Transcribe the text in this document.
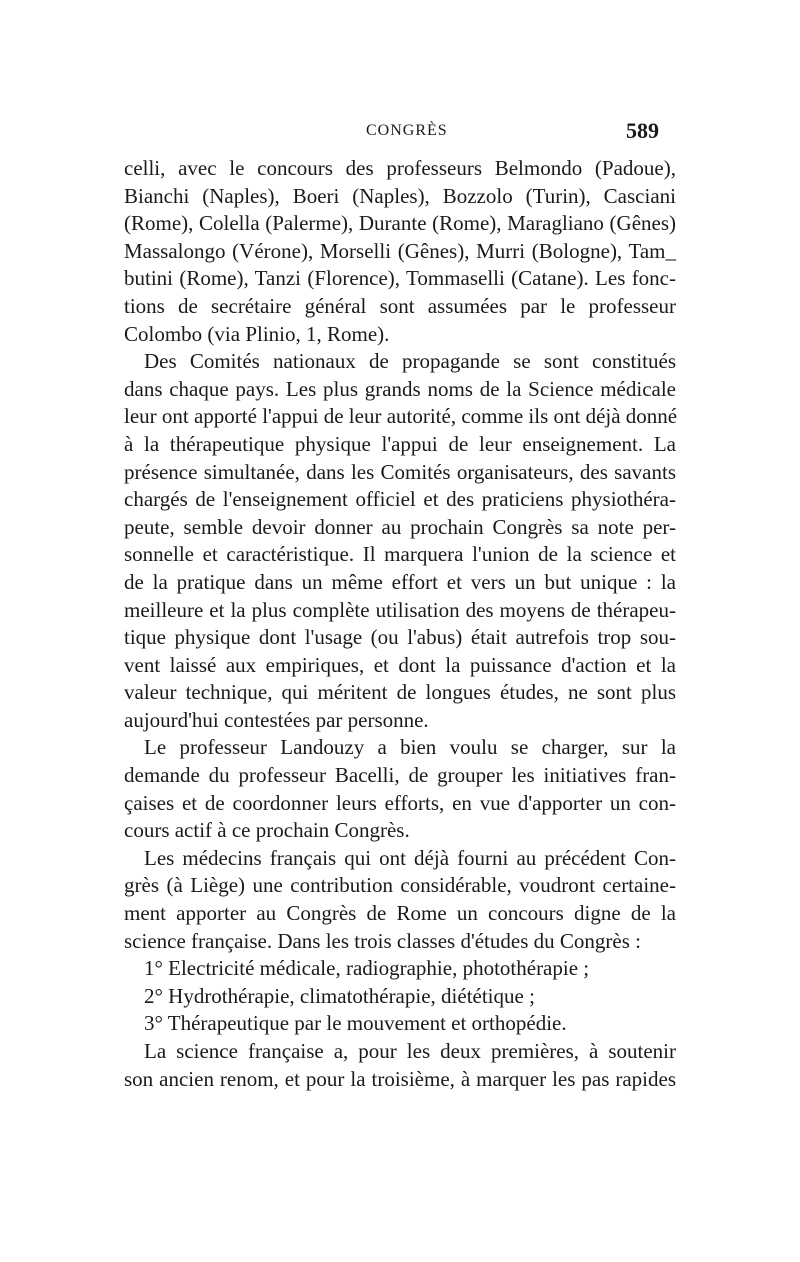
CONGRÈS	589
celli, avec le concours des professeurs Belmondo (Padoue),
Bianchi (Naples), Boeri (Naples), Bozzolo (Turin), Casciani
(Rome), Colella (Palerme), Durante (Rome), Maragliano (Gênes)
Massalongo (Vérone), Morselli (Gênes), Murri (Bologne), Tam_
butini (Rome), Tanzi (Florence), Tommaselli (Catane). Les fonc-
tions de secrétaire général sont assumées par le professeur
Colombo (via Plinio, 1, Rome).
Des Comités nationaux de propagande se sont constitués
dans chaque pays. Les plus grands noms de la Science médicale
leur ont apporté l'appui de leur autorité, comme ils ont déjà donné
à la thérapeutique physique l'appui de leur enseignement. La
présence simultanée, dans les Comités organisateurs, des savants
chargés de l'enseignement officiel et des praticiens physiothéra-
peute, semble devoir donner au prochain Congrès sa note per-
sonnelle et caractéristique. Il marquera l'union de la science et
de la pratique dans un même effort et vers un but unique : la
meilleure et la plus complète utilisation des moyens de thérapeu-
tique physique dont l'usage (ou l'abus) était autrefois trop sou-
vent laissé aux empiriques, et dont la puissance d'action et la
valeur technique, qui méritent de longues études, ne sont plus
aujourd'hui contestées par personne.
Le professeur Landouzy a bien voulu se charger, sur la
demande du professeur Bacelli, de grouper les initiatives fran-
çaises et de coordonner leurs efforts, en vue d'apporter un con-
cours actif à ce prochain Congrès.
Les médecins français qui ont déjà fourni au précédent Con-
grès (à Liège) une contribution considérable, voudront certaine-
ment apporter au Congrès de Rome un concours digne de la
science française. Dans les trois classes d'études du Congrès :
1° Electricité médicale, radiographie, photothérapie ;
2° Hydrothérapie, climatothérapie, diététique ;
3° Thérapeutique par le mouvement et orthopédie.
La science française a, pour les deux premières, à soutenir
son ancien renom, et pour la troisième, à marquer les pas rapides
